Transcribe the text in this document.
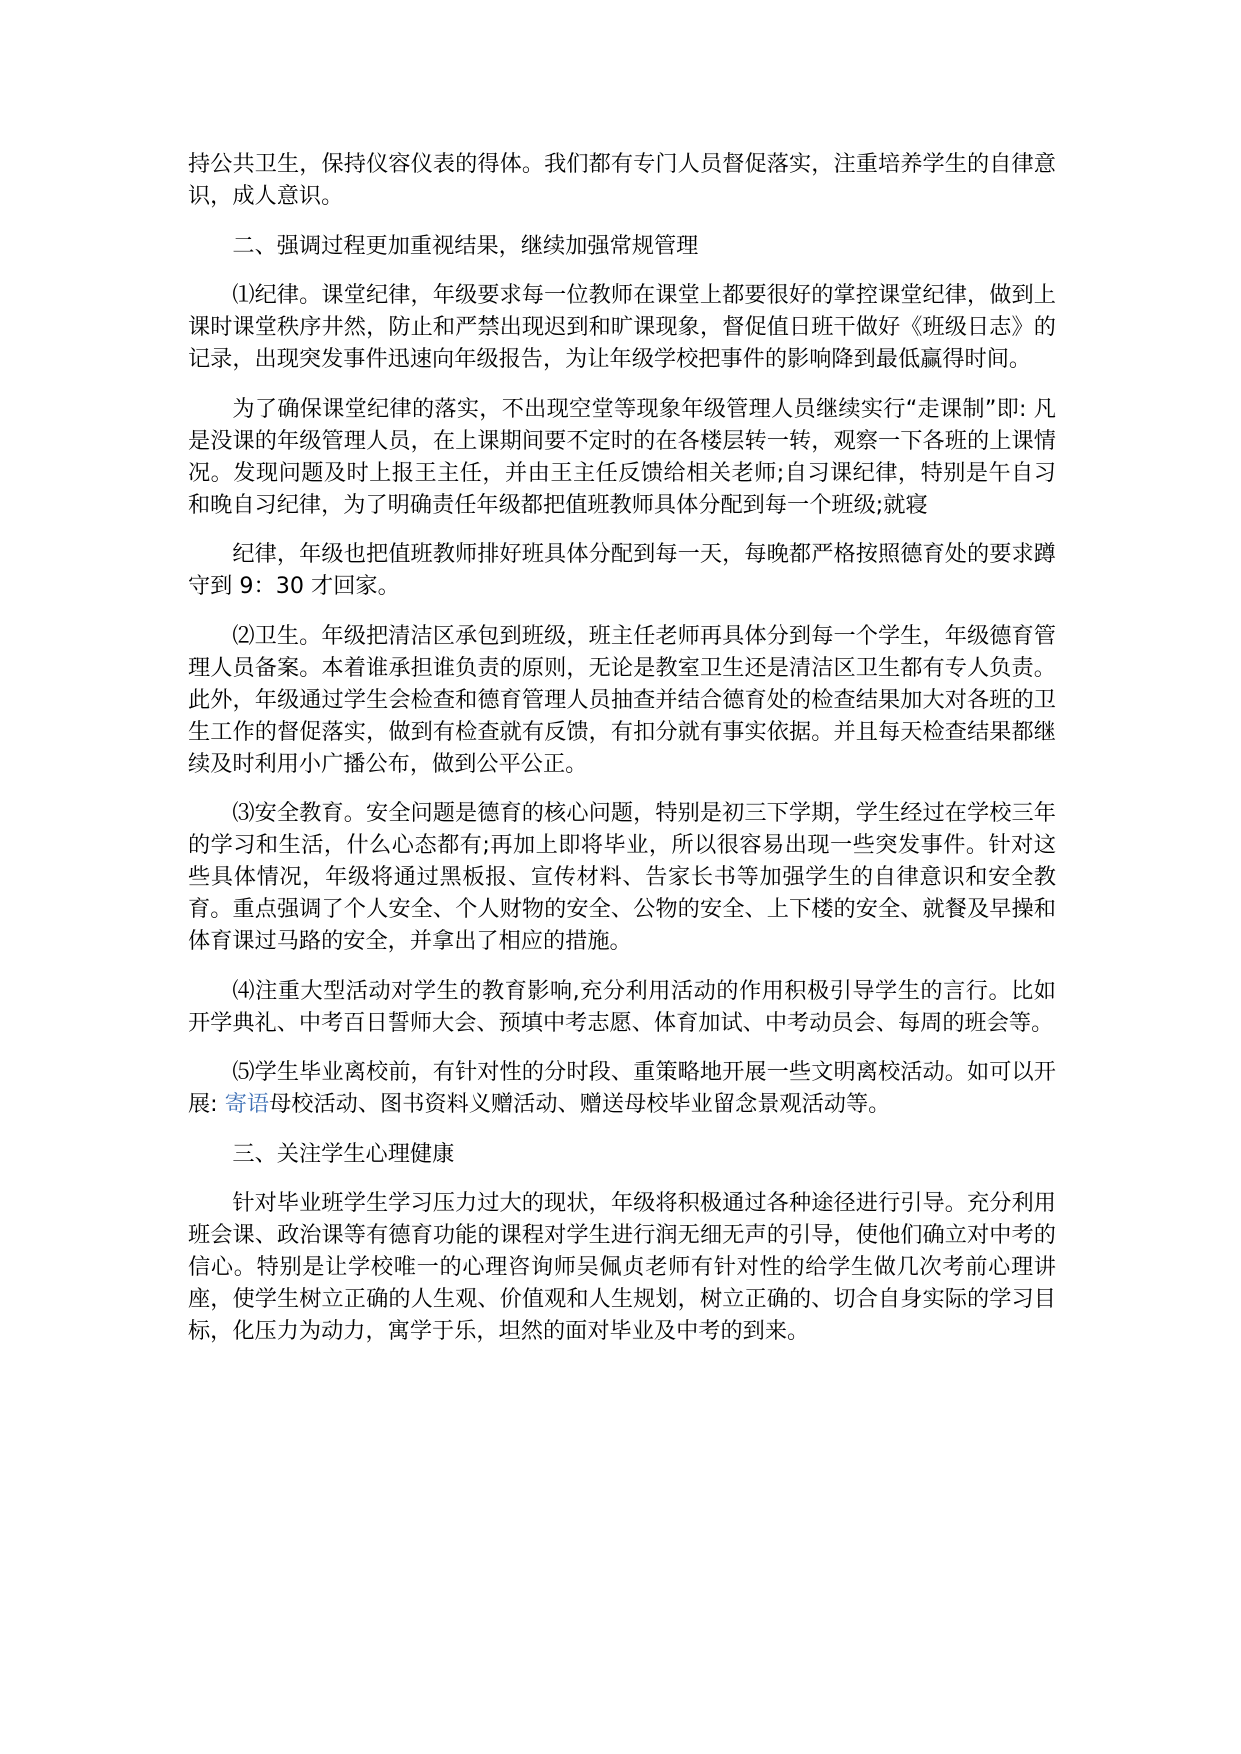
持公共卫生，保持仪容仪表的得体。我们都有专门人员督促落实，注重培养学生的自律意识，成人意识。

二、强调过程更加重视结果，继续加强常规管理

⑴纪律。课堂纪律，年级要求每一位教师在课堂上都要很好的掌控课堂纪律，做到上课时课堂秩序井然，防止和严禁出现迟到和旷课现象，督促值日班干做好《班级日志》的记录，出现突发事件迅速向年级报告，为让年级学校把事件的影响降到最低赢得时间。

为了确保课堂纪律的落实，不出现空堂等现象年级管理人员继续实行“走课制”即: 凡是没课的年级管理人员，在上课期间要不定时的在各楼层转一转，观察一下各班的上课情况。发现问题及时上报王主任，并由王主任反馈给相关老师;自习课纪律，特别是午自习和晚自习纪律，为了明确责任年级都把值班教师具体分配到每一个班级;就寝

纪律，年级也把值班教师排好班具体分配到每一天，每晚都严格按照德育处的要求蹲守到 9：30 才回家。

⑵卫生。年级把清洁区承包到班级，班主任老师再具体分到每一个学生，年级德育管理人员备案。本着谁承担谁负责的原则，无论是教室卫生还是清洁区卫生都有专人负责。此外，年级通过学生会检查和德育管理人员抽查并结合德育处的检查结果加大对各班的卫生工作的督促落实，做到有检查就有反馈，有扣分就有事实依据。并且每天检查结果都继续及时利用小广播公布，做到公平公正。

⑶安全教育。安全问题是德育的核心问题，特别是初三下学期，学生经过在学校三年的学习和生活，什么心态都有;再加上即将毕业，所以很容易出现一些突发事件。针对这些具体情况，年级将通过黑板报、宣传材料、告家长书等加强学生的自律意识和安全教育。重点强调了个人安全、个人财物的安全、公物的安全、上下楼的安全、就餐及早操和体育课过马路的安全，并拿出了相应的措施。

⑷注重大型活动对学生的教育影响,充分利用活动的作用积极引导学生的言行。比如开学典礼、中考百日誓师大会、预填中考志愿、体育加试、中考动员会、每周的班会等。

⑸学生毕业离校前，有针对性的分时段、重策略地开展一些文明离校活动。如可以开展: 寄语母校活动、图书资料义赠活动、赠送母校毕业留念景观活动等。

三、关注学生心理健康

针对毕业班学生学习压力过大的现状，年级将积极通过各种途径进行引导。充分利用班会课、政治课等有德育功能的课程对学生进行润无细无声的引导，使他们确立对中考的信心。特别是让学校唯一的心理咨询师吴佩贞老师有针对性的给学生做几次考前心理讲座，使学生树立正确的人生观、价值观和人生规划，树立正确的、切合自身实际的学习目标，化压力为动力，寓学于乐，坦然的面对毕业及中考的到来。
